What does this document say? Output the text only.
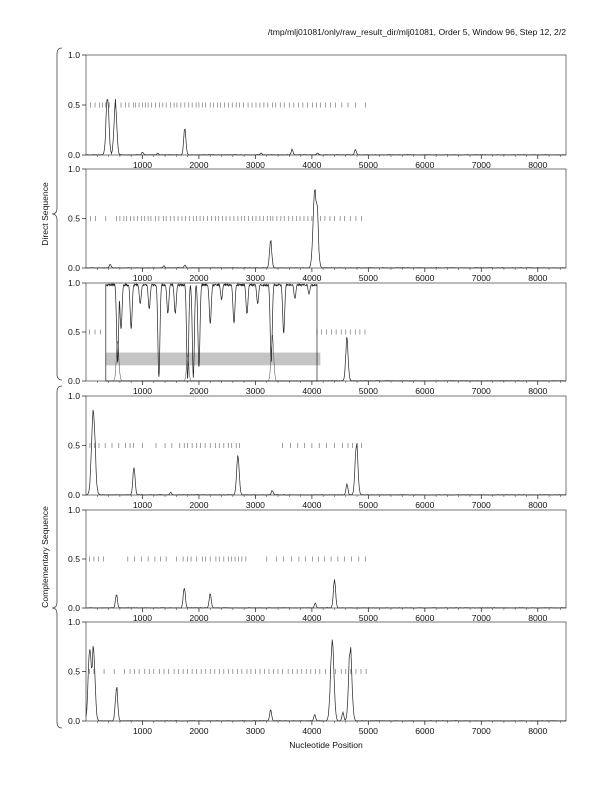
/tmp/mlj01081/only/raw_result_dir/mlj01081, Order 5, Window 96, Step 12, 2/2
Direct Sequence
Complementary Sequence
0.0
0.5
1.0
1000	2000	3000	4000	5000	6000	7000	8000
0.0
0.5
1.0
1000	2000	3000	4000	5000	6000	7000	8000
0.0
0.5
1.0
1000	2000	3000	4000	5000	6000	7000	8000
0.0
0.5
1.0
1000	2000	3000	4000	5000	6000	7000	8000
0.0
0.5
1.0
1000	2000	3000	4000	5000	6000	7000	8000
0.0
0.5
1.0
1000	2000	3000	4000	5000	6000	7000	8000
Nucleotide Position
